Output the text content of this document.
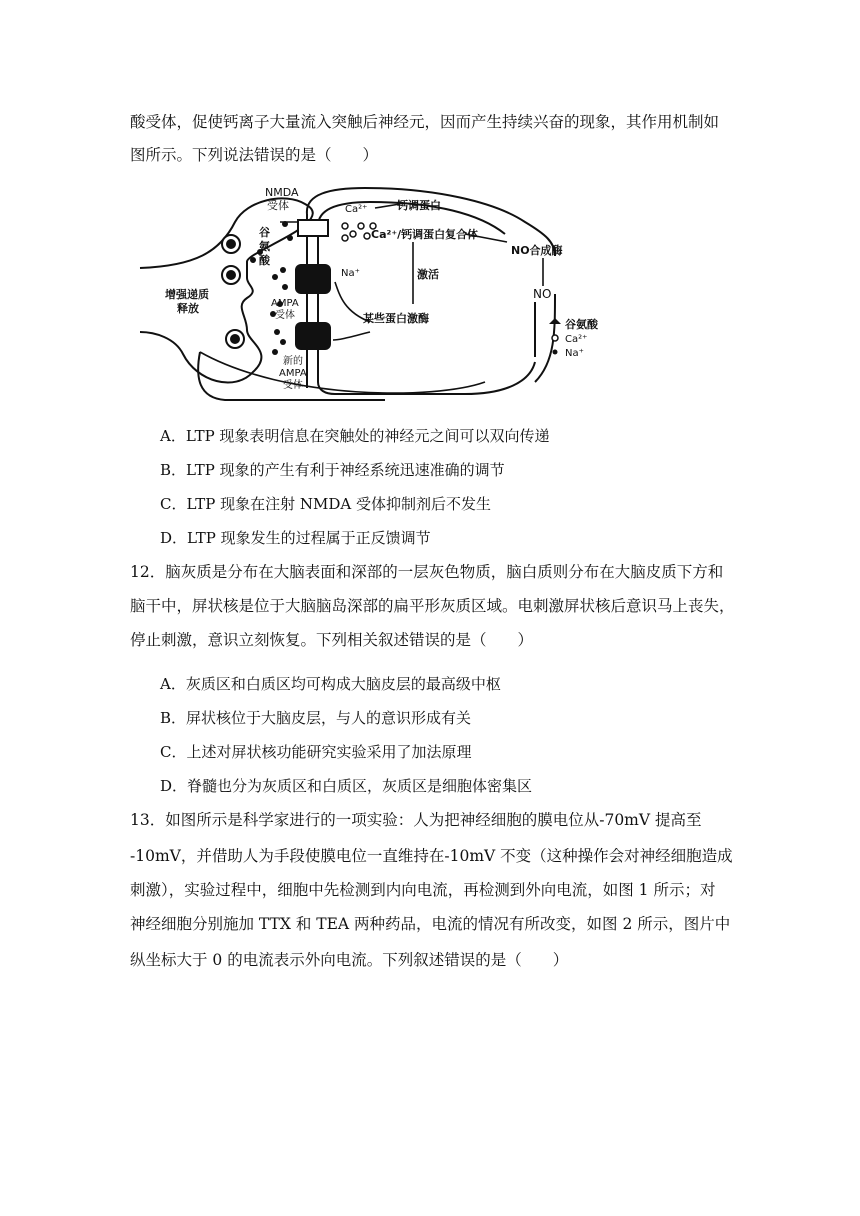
酸受体，促使钙离子大量流入突触后神经元，因而产生持续兴奋的现象，其作用机制如
图所示。下列说法错误的是（　　）
NMDA
受体	Ca²⁺	钙调蛋白
Ca²⁺/钙调蛋白复合体
NO合成酶
NO
谷
氨
酸
Na⁺	激活
AMPA
受体	某些蛋白激酶
增强递质
释放
新的
AMPA
受体
谷氨酸
Ca²⁺
Na⁺
A．LTP 现象表明信息在突触处的神经元之间可以双向传递
B．LTP 现象的产生有利于神经系统迅速准确的调节
C．LTP 现象在注射 NMDA 受体抑制剂后不发生
D．LTP 现象发生的过程属于正反馈调节
12．脑灰质是分布在大脑表面和深部的一层灰色物质，脑白质则分布在大脑皮质下方和
脑干中，屏状核是位于大脑脑岛深部的扁平形灰质区域。电刺激屏状核后意识马上丧失，
停止刺激，意识立刻恢复。下列相关叙述错误的是（　　）
A．灰质区和白质区均可构成大脑皮层的最高级中枢
B．屏状核位于大脑皮层，与人的意识形成有关
C．上述对屏状核功能研究实验采用了加法原理
D．脊髓也分为灰质区和白质区，灰质区是细胞体密集区
13．如图所示是科学家进行的一项实验：人为把神经细胞的膜电位从-70mV 提高至
-10mV，并借助人为手段使膜电位一直维持在-10mV 不变（这种操作会对神经细胞造成
刺激），实验过程中，细胞中先检测到内向电流，再检测到外向电流，如图 1 所示；对
神经细胞分别施加 TTX 和 TEA 两种药品，电流的情况有所改变，如图 2 所示，图片中
纵坐标大于 0 的电流表示外向电流。下列叙述错误的是（　　）
